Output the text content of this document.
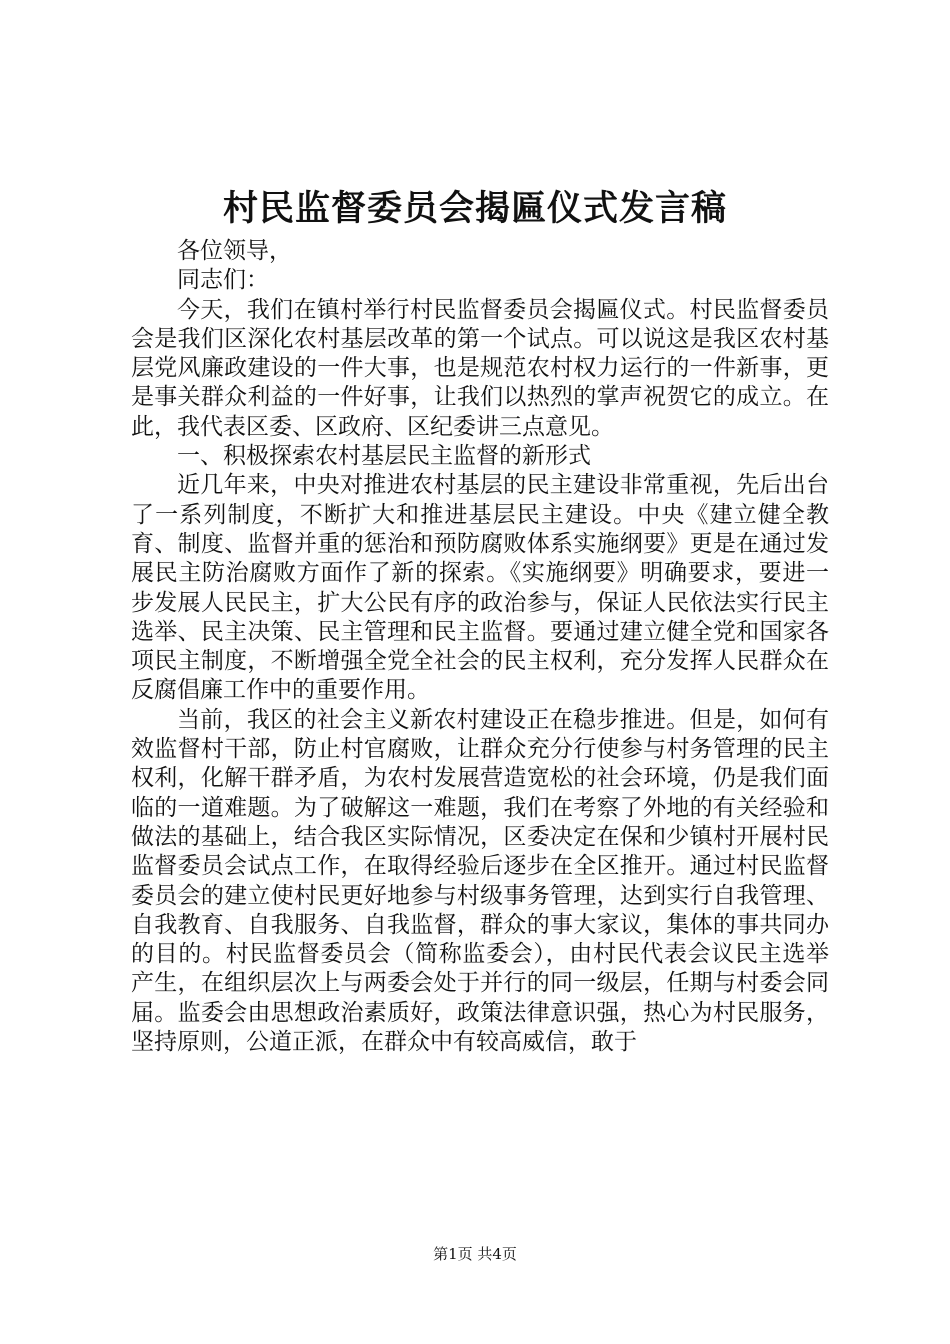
村民监督委员会揭匾仪式发言稿

各位领导，

同志们：

今天，我们在镇村举行村民监督委员会揭匾仪式。村民监督委员会是我们区深化农村基层改革的第一个试点。可以说这是我区农村基层党风廉政建设的一件大事，也是规范农村权力运行的一件新事，更是事关群众利益的一件好事，让我们以热烈的掌声祝贺它的成立。在此，我代表区委、区政府、区纪委讲三点意见。

一、积极探索农村基层民主监督的新形式

近几年来，中央对推进农村基层的民主建设非常重视，先后出台了一系列制度，不断扩大和推进基层民主建设。中央《建立健全教育、制度、监督并重的惩治和预防腐败体系实施纲要》更是在通过发展民主防治腐败方面作了新的探索。《实施纲要》明确要求，要进一步发展人民民主，扩大公民有序的政治参与，保证人民依法实行民主选举、民主决策、民主管理和民主监督。要通过建立健全党和国家各项民主制度，不断增强全党全社会的民主权利，充分发挥人民群众在反腐倡廉工作中的重要作用。

当前，我区的社会主义新农村建设正在稳步推进。但是，如何有效监督村干部，防止村官腐败，让群众充分行使参与村务管理的民主权利，化解干群矛盾，为农村发展营造宽松的社会环境，仍是我们面临的一道难题。为了破解这一难题，我们在考察了外地的有关经验和做法的基础上，结合我区实际情况，区委决定在保和少镇村开展村民监督委员会试点工作，在取得经验后逐步在全区推开。通过村民监督委员会的建立使村民更好地参与村级事务管理，达到实行自我管理、自我教育、自我服务、自我监督，群众的事大家议，集体的事共同办的目的。村民监督委员会（简称监委会），由村民代表会议民主选举产生，在组织层次上与两委会处于并行的同一级层，任期与村委会同届。监委会由思想政治素质好，政策法律意识强，热心为村民服务，坚持原则，公道正派，在群众中有较高威信，敢于

第1页 共4页
